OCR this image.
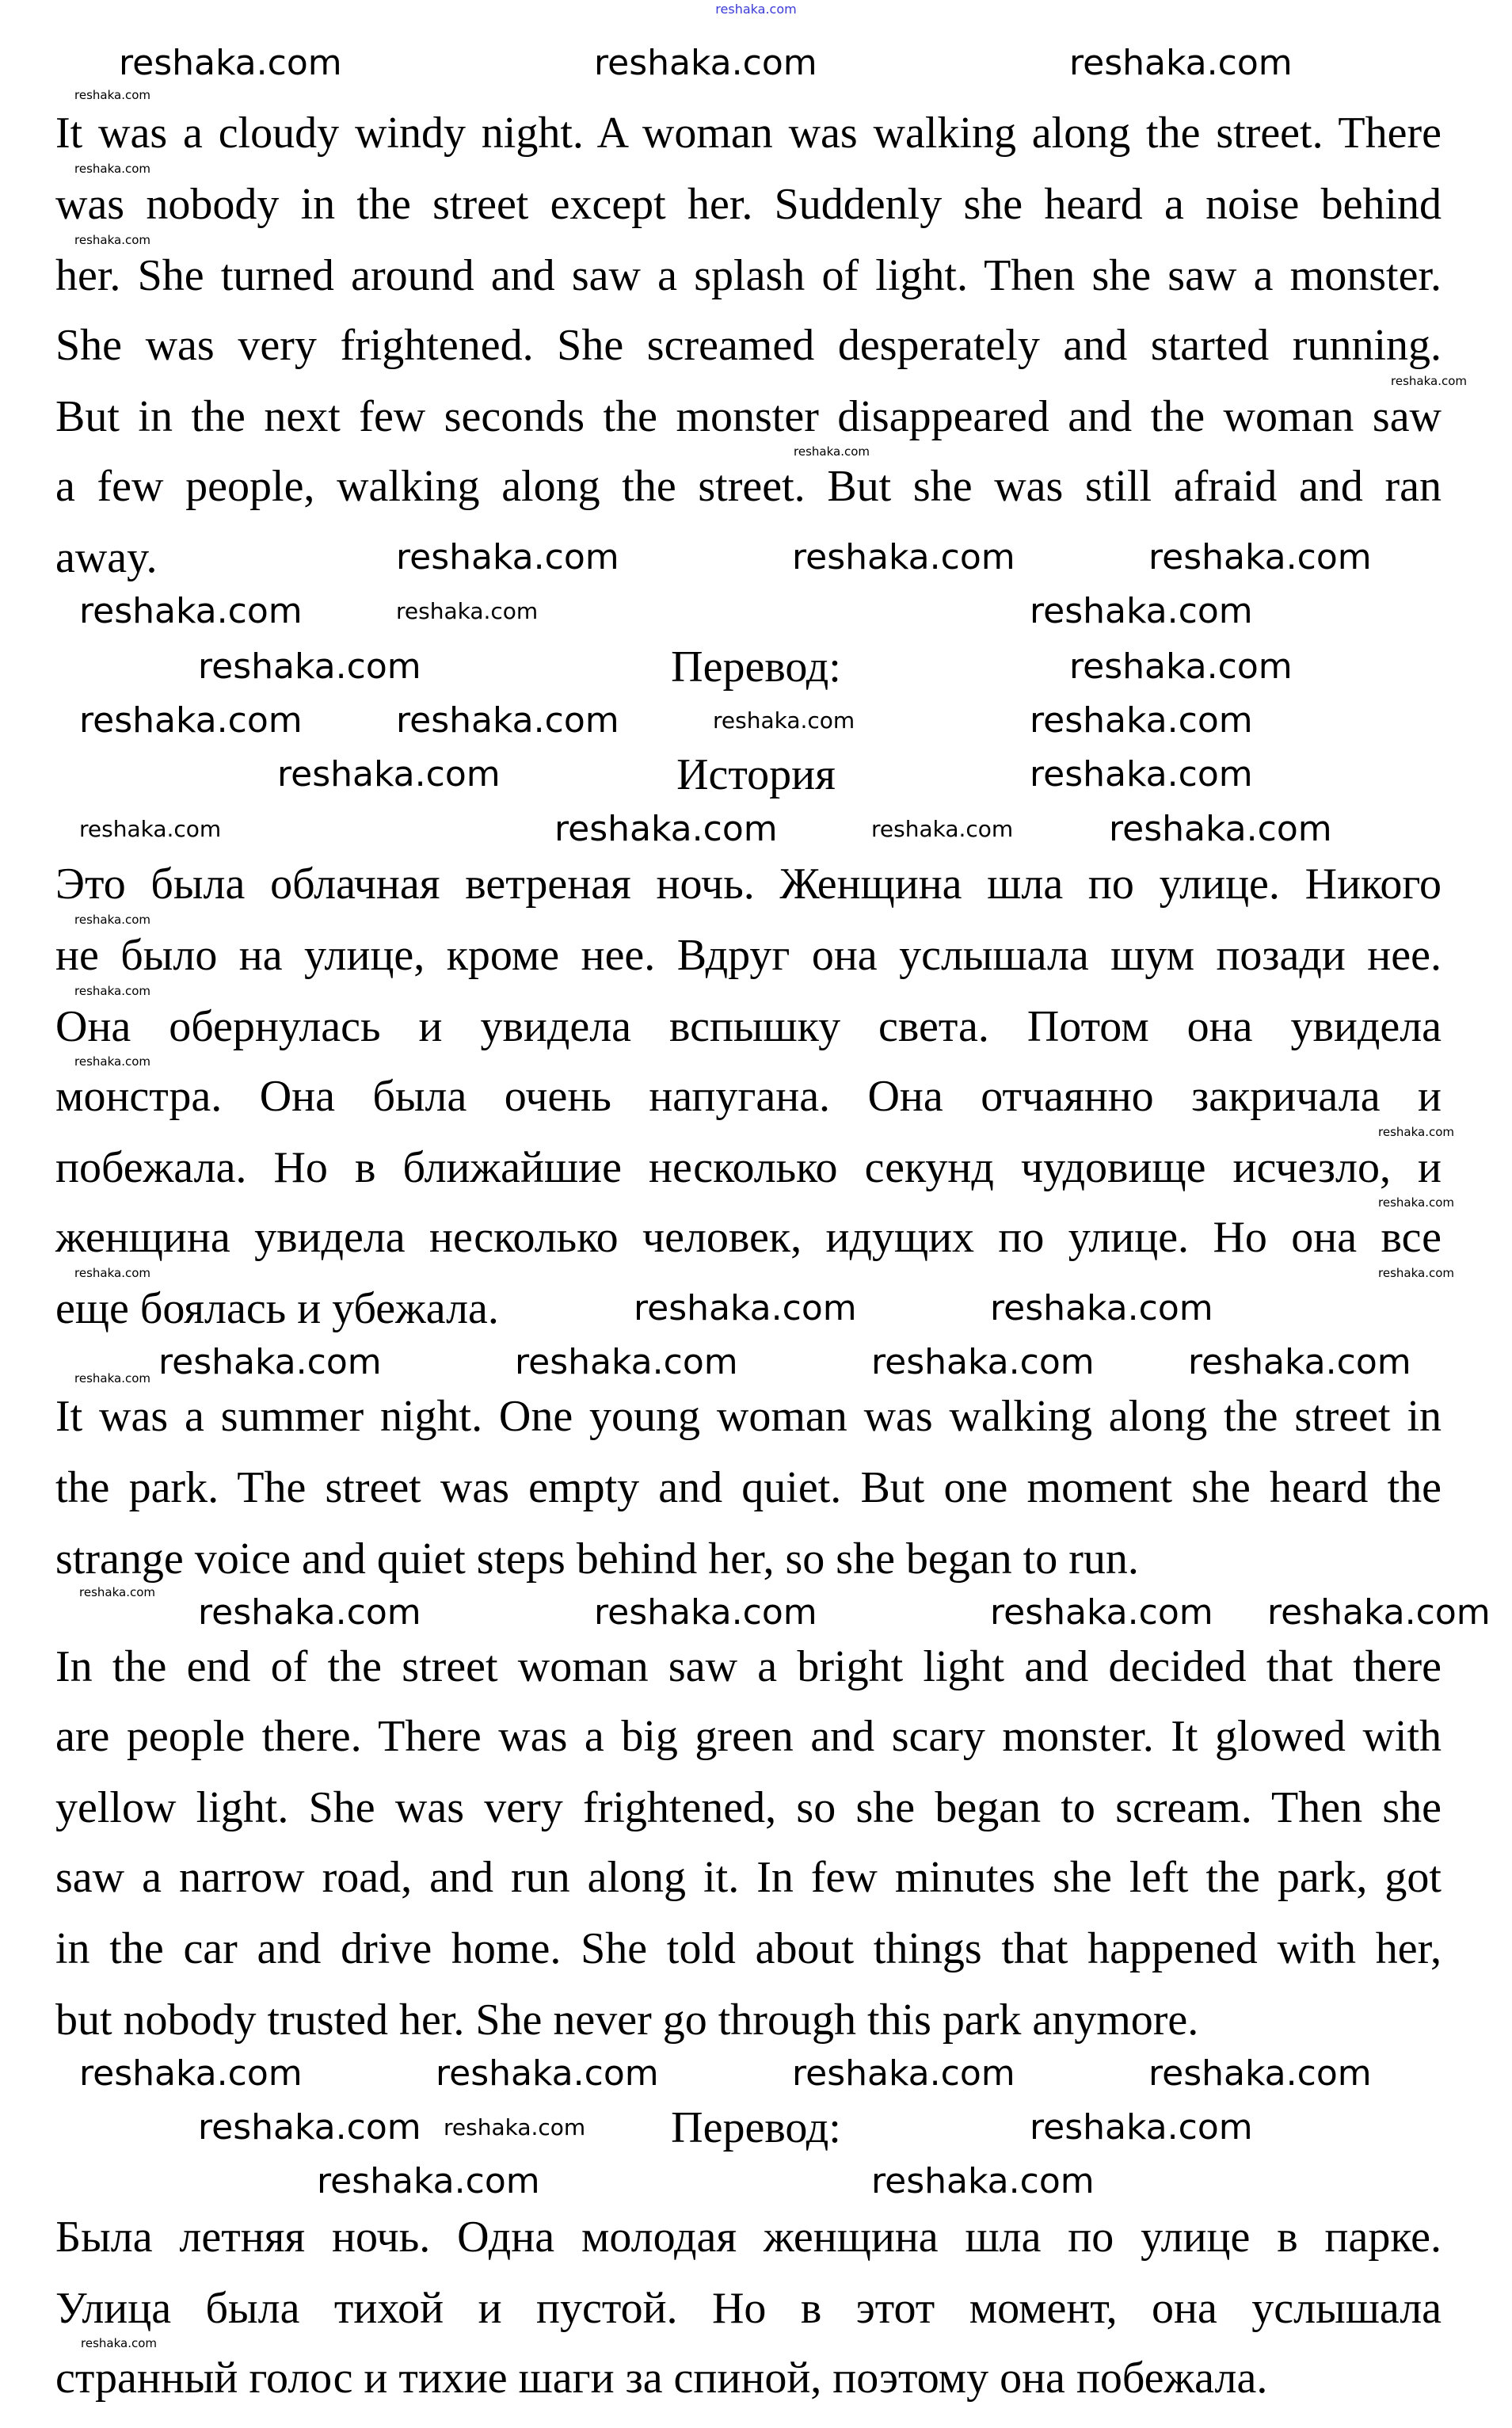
reshaka.com
It was a cloudy windy night. A woman was walking along the street. There
was nobody in the street except her. Suddenly she heard a noise behind
her. She turned around and saw a splash of light. Then she saw a monster.
She was very frightened. She screamed desperately and started running.
But in the next few seconds the monster disappeared and the woman saw
a few people, walking along the street. But she was still afraid and ran
away.
Это была облачная ветреная ночь. Женщина шла по улице. Никого
не было на улице, кроме нее. Вдруг она услышала шум позади нее.
Она обернулась и увидела вспышку света. Потом она увидела
монстра. Она была очень напугана. Она отчаянно закричала и
побежала. Но в ближайшие несколько секунд чудовище исчезло, и
женщина увидела несколько человек, идущих по улице. Но она все
еще боялась и убежала.
It was a summer night. One young woman was walking along the street in
the park. The street was empty and quiet. But one moment she heard the
strange voice and quiet steps behind her, so she began to run.
In the end of the street woman saw a bright light and decided that there
are people there. There was a big green and scary monster. It glowed with
yellow light. She was very frightened, so she began to scream. Then she
saw a narrow road, and run along it. In few minutes she left the park, got
in the car and drive home. She told about things that happened with her,
but nobody trusted her. She never go through this park anymore.
Была летняя ночь. Одна молодая женщина шла по улице в парке.
Улица была тихой и пустой. Но в этот момент, она услышала
странный голос и тихие шаги за спиной, поэтому она побежала.
Перевод:
История
Перевод:
reshaka.com	reshaka.com	reshaka.com
reshaka.com	reshaka.com	reshaka.com
reshaka.com	reshaka.com
reshaka.com	reshaka.com
reshaka.com	reshaka.com	reshaka.com
reshaka.com	reshaka.com
reshaka.com	reshaka.com
reshaka.com	reshaka.com
reshaka.com	reshaka.com	reshaka.com	reshaka.com
reshaka.com	reshaka.com	reshaka.com reshaka.com
reshaka.com	reshaka.com	reshaka.com	reshaka.com
reshaka.com	reshaka.com
reshaka.com	reshaka.com
reshaka.com	reshaka.com
reshaka.com
reshaka.com
reshaka.com
reshaka.com
reshaka.com
reshaka.com
reshaka.com
reshaka.com
reshaka.com
reshaka.com
reshaka.com
reshaka.com
reshaka.com
reshaka.com
reshaka.com
reshaka.com
reshaka.com
reshaka.com
